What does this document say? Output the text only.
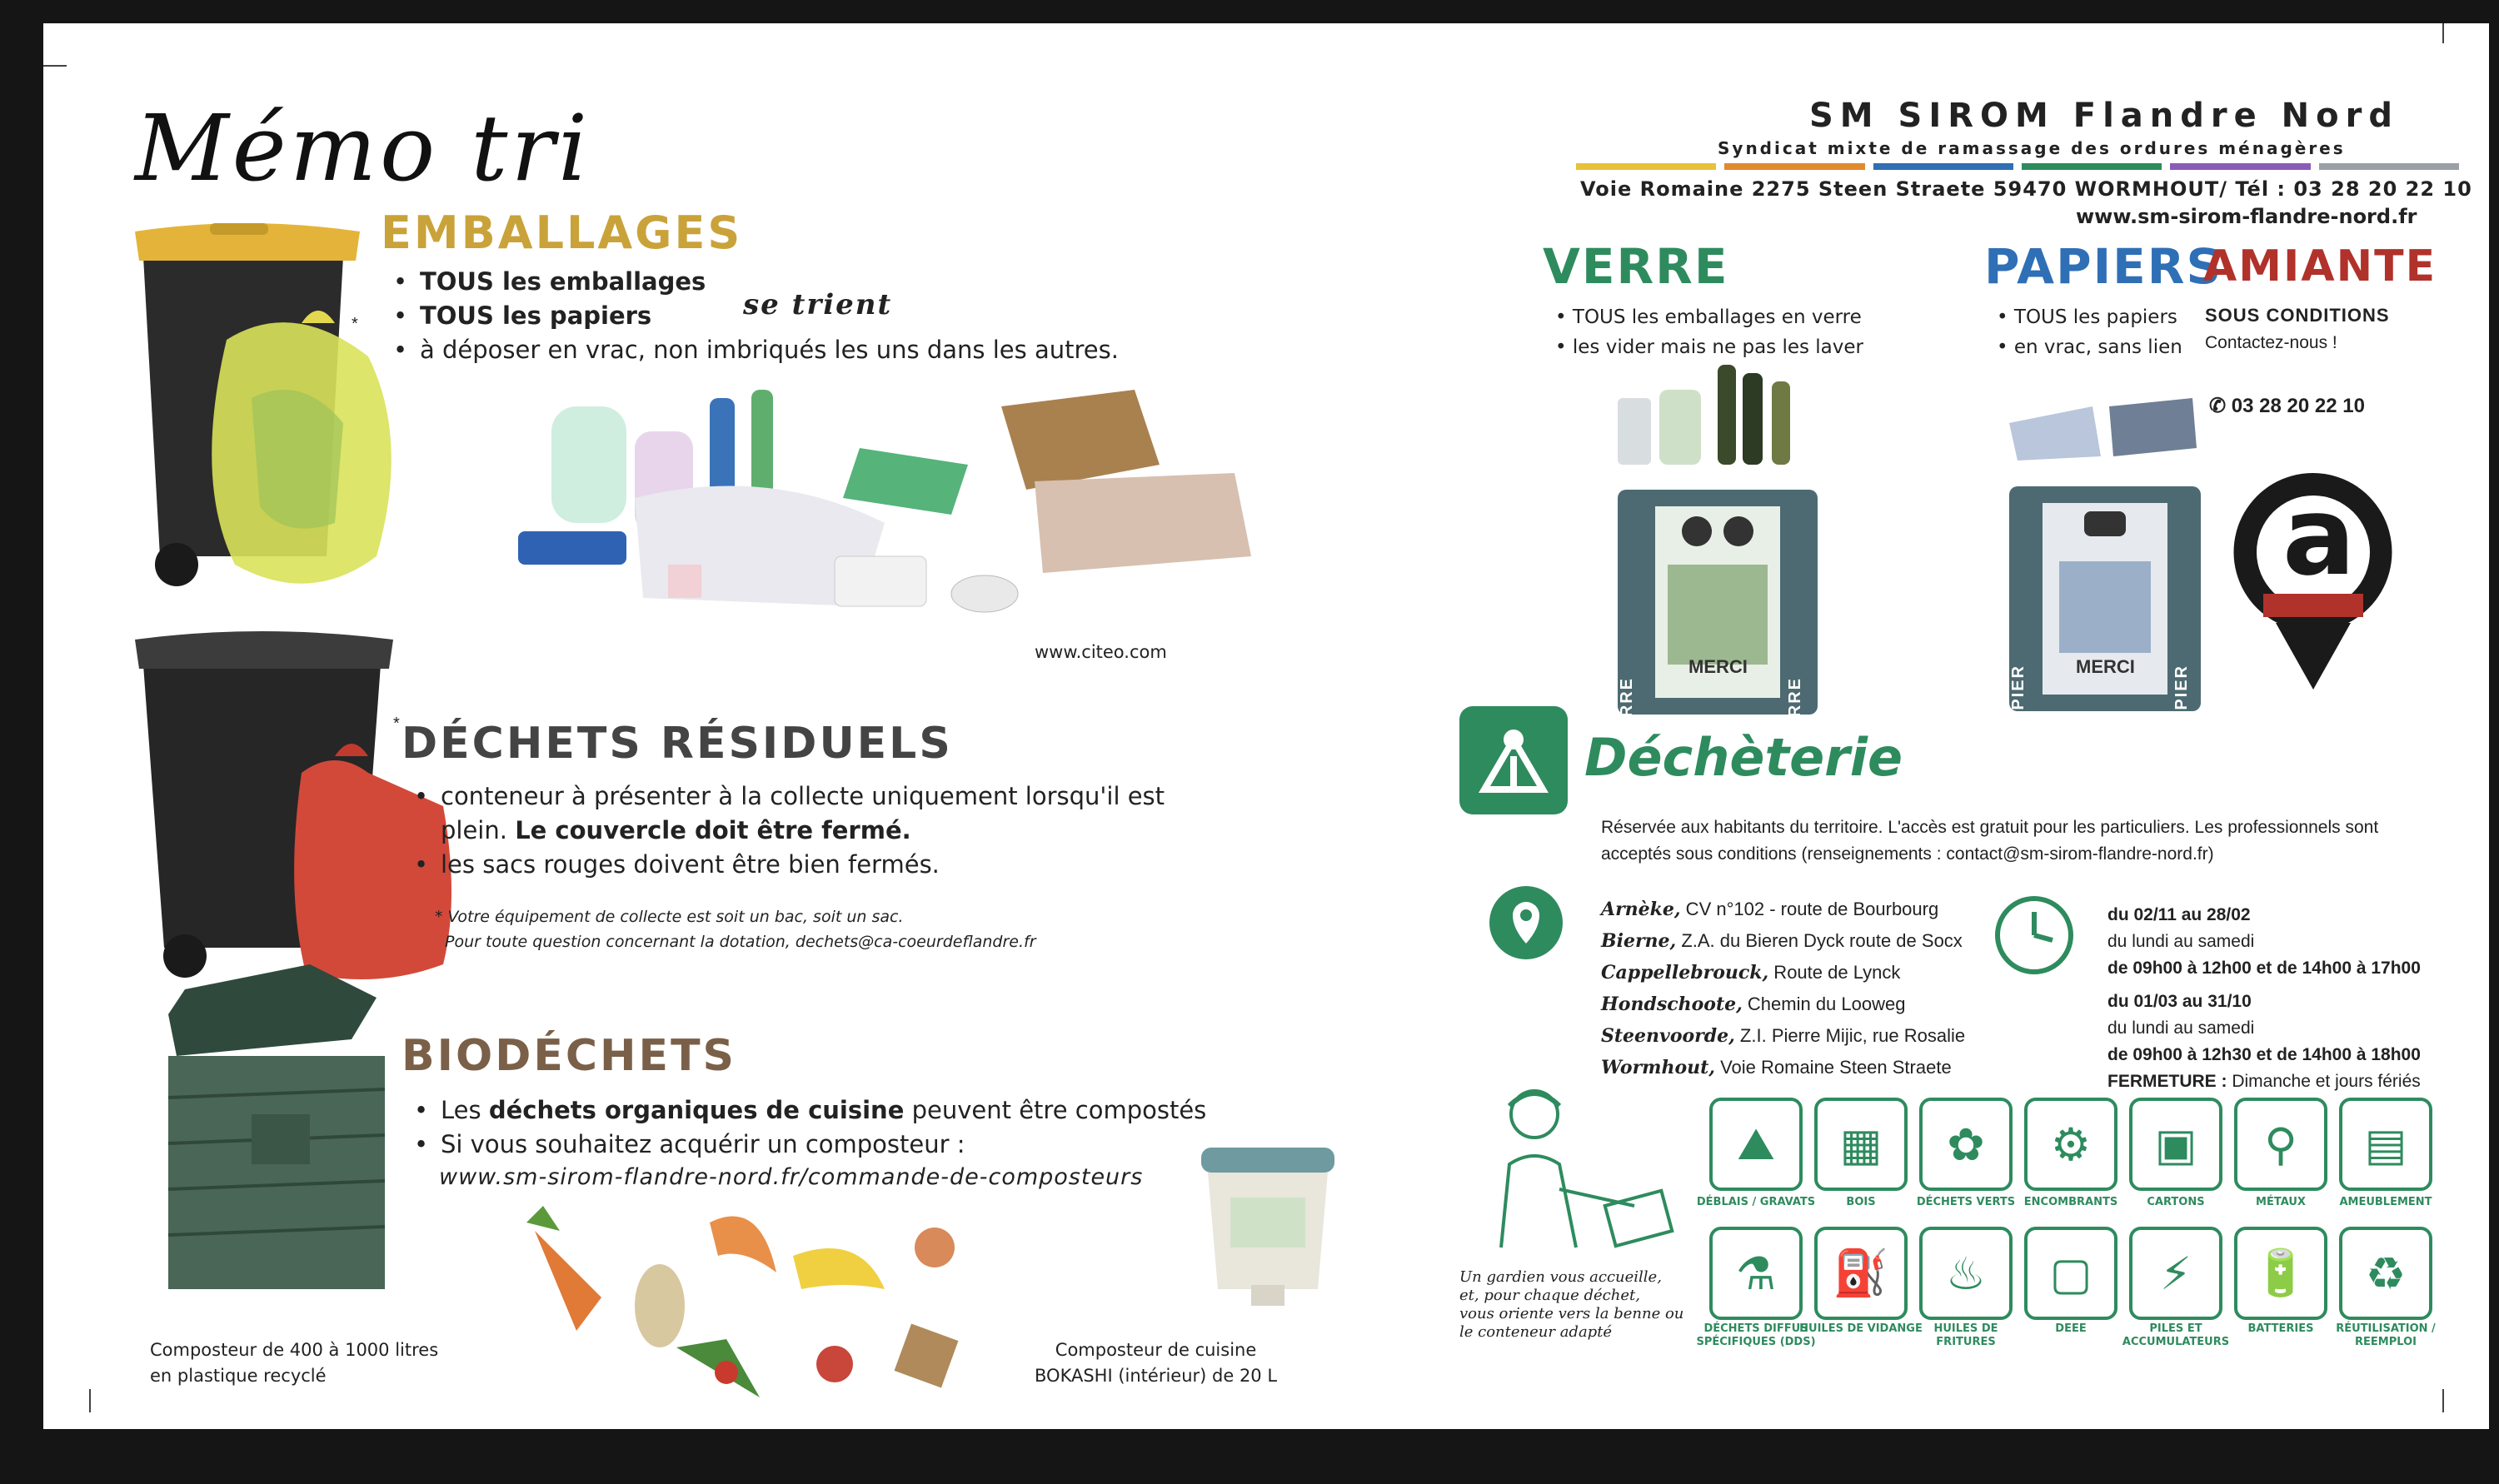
Mémo tri
*
EMBALLAGES
• TOUS les emballages
• TOUS les papiers
• à déposer en vrac, non imbriqués les uns dans les autres.
se trient
www.citeo.com
* DÉCHETS RÉSIDUELS
• conteneur à présenter à la collecte uniquement lorsqu'il est
plein. Le couvercle doit être fermé.
• les sacs rouges doivent être bien fermés.
* Votre équipement de collecte est soit un bac, soit un sac.
Pour toute question concernant la dotation, dechets@ca-coeurdeflandre.fr
BIODÉCHETS
• Les déchets organiques de cuisine peuvent être compostés
• Si vous souhaitez acquérir un composteur :
www.sm-sirom-flandre-nord.fr/commande-de-composteurs
Composteur de 400 à 1000 litres
en plastique recyclé
Composteur de cuisine
BOKASHI (intérieur) de 20 L
SM SIROM Flandre Nord
Syndicat mixte de ramassage des ordures ménagères
Voie Romaine 2275 Steen Straete 59470 WORMHOUT/ Tél : 03 28 20 22 10
www.sm-sirom-flandre-nord.fr
VERRE
• TOUS les emballages en verre
• les vider mais ne pas les laver
VERRE	VERRE
MERCI
PAPIERS
• TOUS les papiers
• en vrac, sans lien
PAPIER	PAPIER
MERCI
AMIANTE
SOUS CONDITIONS
Contactez-nous !
✆ 03 28 20 22 10
a
Déchèterie
Réservée aux habitants du territoire. L'accès est gratuit pour les particuliers. Les professionnels sont
acceptés sous conditions (renseignements : contact@sm-sirom-flandre-nord.fr)
Arnèke, CV n°102 - route de Bourbourg
Bierne, Z.A. du Bieren Dyck route de Socx
Cappellebrouck, Route de Lynck
Hondschoote, Chemin du Looweg
Steenvoorde, Z.I. Pierre Mijic, rue Rosalie
Wormhout, Voie Romaine Steen Straete
du 02/11 au 28/02
du lundi au samedi
de 09h00 à 12h00 et de 14h00 à 17h00
du 01/03 au 31/10
du lundi au samedi
de 09h00 à 12h30 et de 14h00 à 18h00
FERMETURE : Dimanche et jours fériés
Un gardien vous accueille,
et, pour chaque déchet,
vous oriente vers la benne ou
le conteneur adapté
⛰
DÉBLAIS / GRAVATS
▦
BOIS
✿
DÉCHETS VERTS
⚙
ENCOMBRANTS
▣
CARTONS
⚲
MÉTAUX
▤
AMEUBLEMENT
⚗
DÉCHETS DIFFUS SPÉCIFIQUES (DDS)
⛽
HUILES DE VIDANGE
♨
HUILES DE FRITURES
▢
DEEE
⚡
PILES ET ACCUMULATEURS
🔋
BATTERIES
♻
RÉUTILISATION / REEMPLOI
